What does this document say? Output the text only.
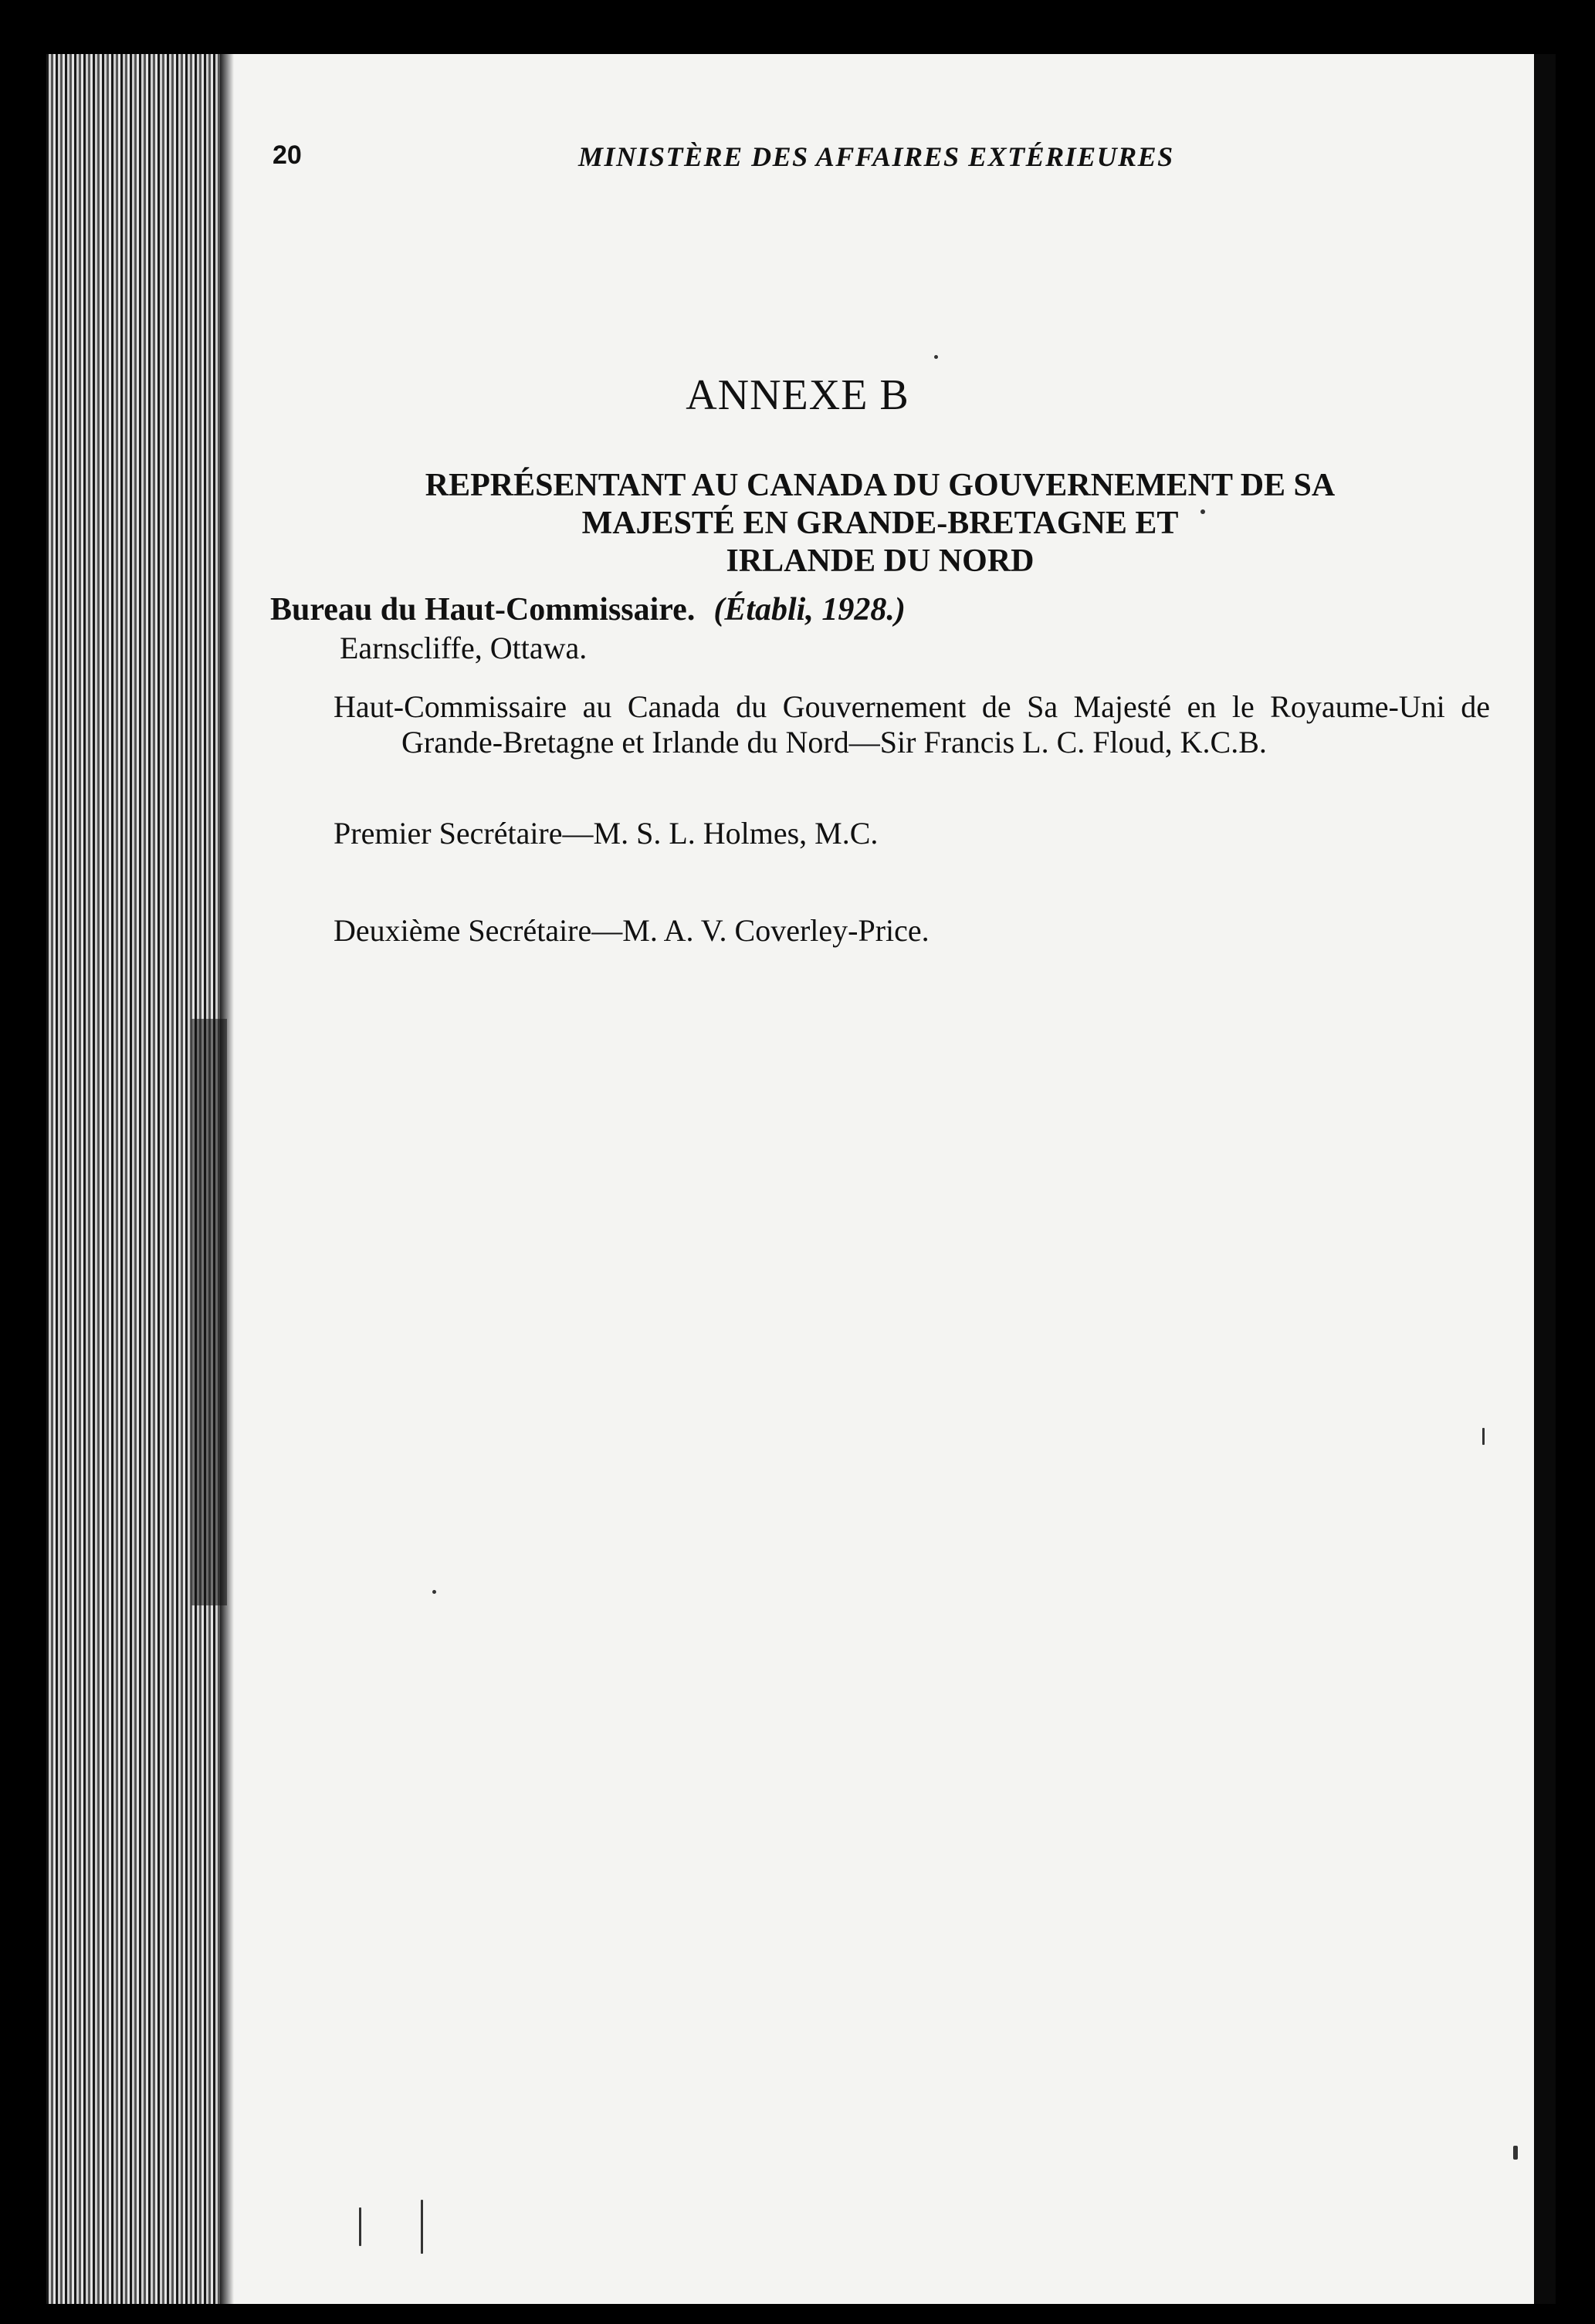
20	MINISTÈRE DES AFFAIRES EXTÉRIEURES
ANNEXE B
REPRÉSENTANT AU CANADA DU GOUVERNEMENT DE SA
MAJESTÉ EN GRANDE-BRETAGNE ET
IRLANDE DU NORD
Bureau du Haut-Commissaire. (Établi, 1928.)
Earnscliffe, Ottawa.
Haut-Commissaire au Canada du Gouvernement de Sa Majesté en le Royaume-Uni de Grande-Bretagne et Irlande du Nord—Sir Francis L. C. Floud, K.C.B.
Premier Secrétaire—M. S. L. Holmes, M.C.
Deuxième Secrétaire—M. A. V. Coverley-Price.
